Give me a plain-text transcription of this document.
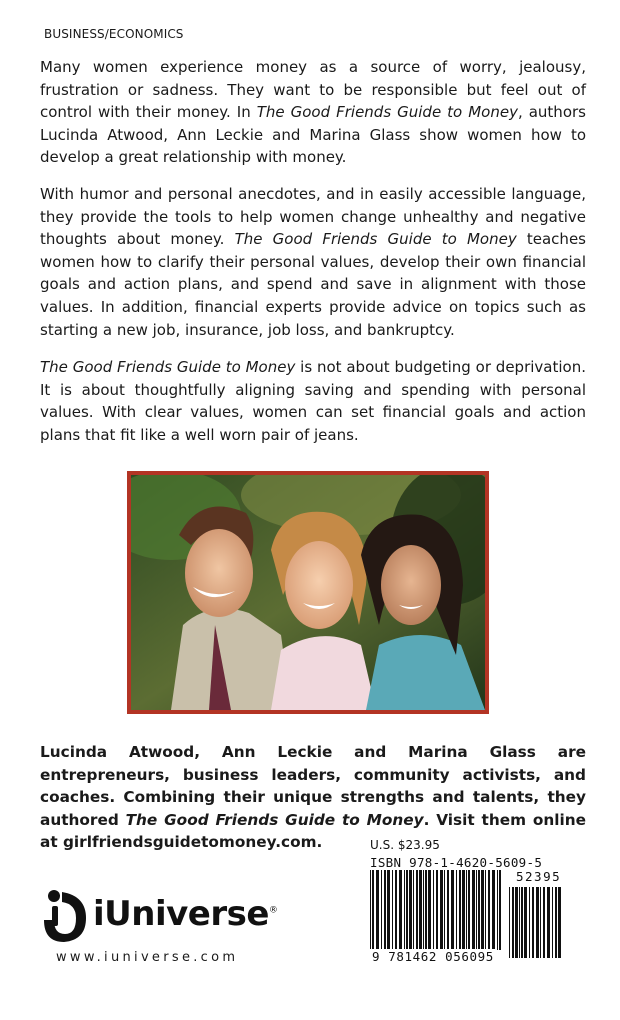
BUSINESS/ECONOMICS

Many women experience money as a source of worry, jealousy, frustration or sadness. They want to be responsible but feel out of control with their money. In The Good Friends Guide to Money, authors Lucinda Atwood, Ann Leckie and Marina Glass show women how to develop a great relationship with money.

With humor and personal anecdotes, and in easily accessible language, they provide the tools to help women change unhealthy and negative thoughts about money. The Good Friends Guide to Money teaches women how to clarify their personal values, develop their own financial goals and action plans, and spend and save in alignment with those values. In addition, financial experts provide advice on topics such as starting a new job, insurance, job loss, and bankruptcy.

The Good Friends Guide to Money is not about budgeting or deprivation. It is about thoughtfully aligning saving and spending with personal values. With clear values, women can set financial goals and action plans that fit like a well worn pair of jeans.

Lucinda Atwood, Ann Leckie and Marina Glass are entrepreneurs, business leaders, community activists, and coaches. Combining their unique strengths and talents, they authored The Good Friends Guide to Money. Visit them online at girlfriendsguidetomoney.com.

iUniverse®
www.iuniverse.com
U.S. $23.95
ISBN 978-1-4620-5609-5
52395
9 781462 056095
